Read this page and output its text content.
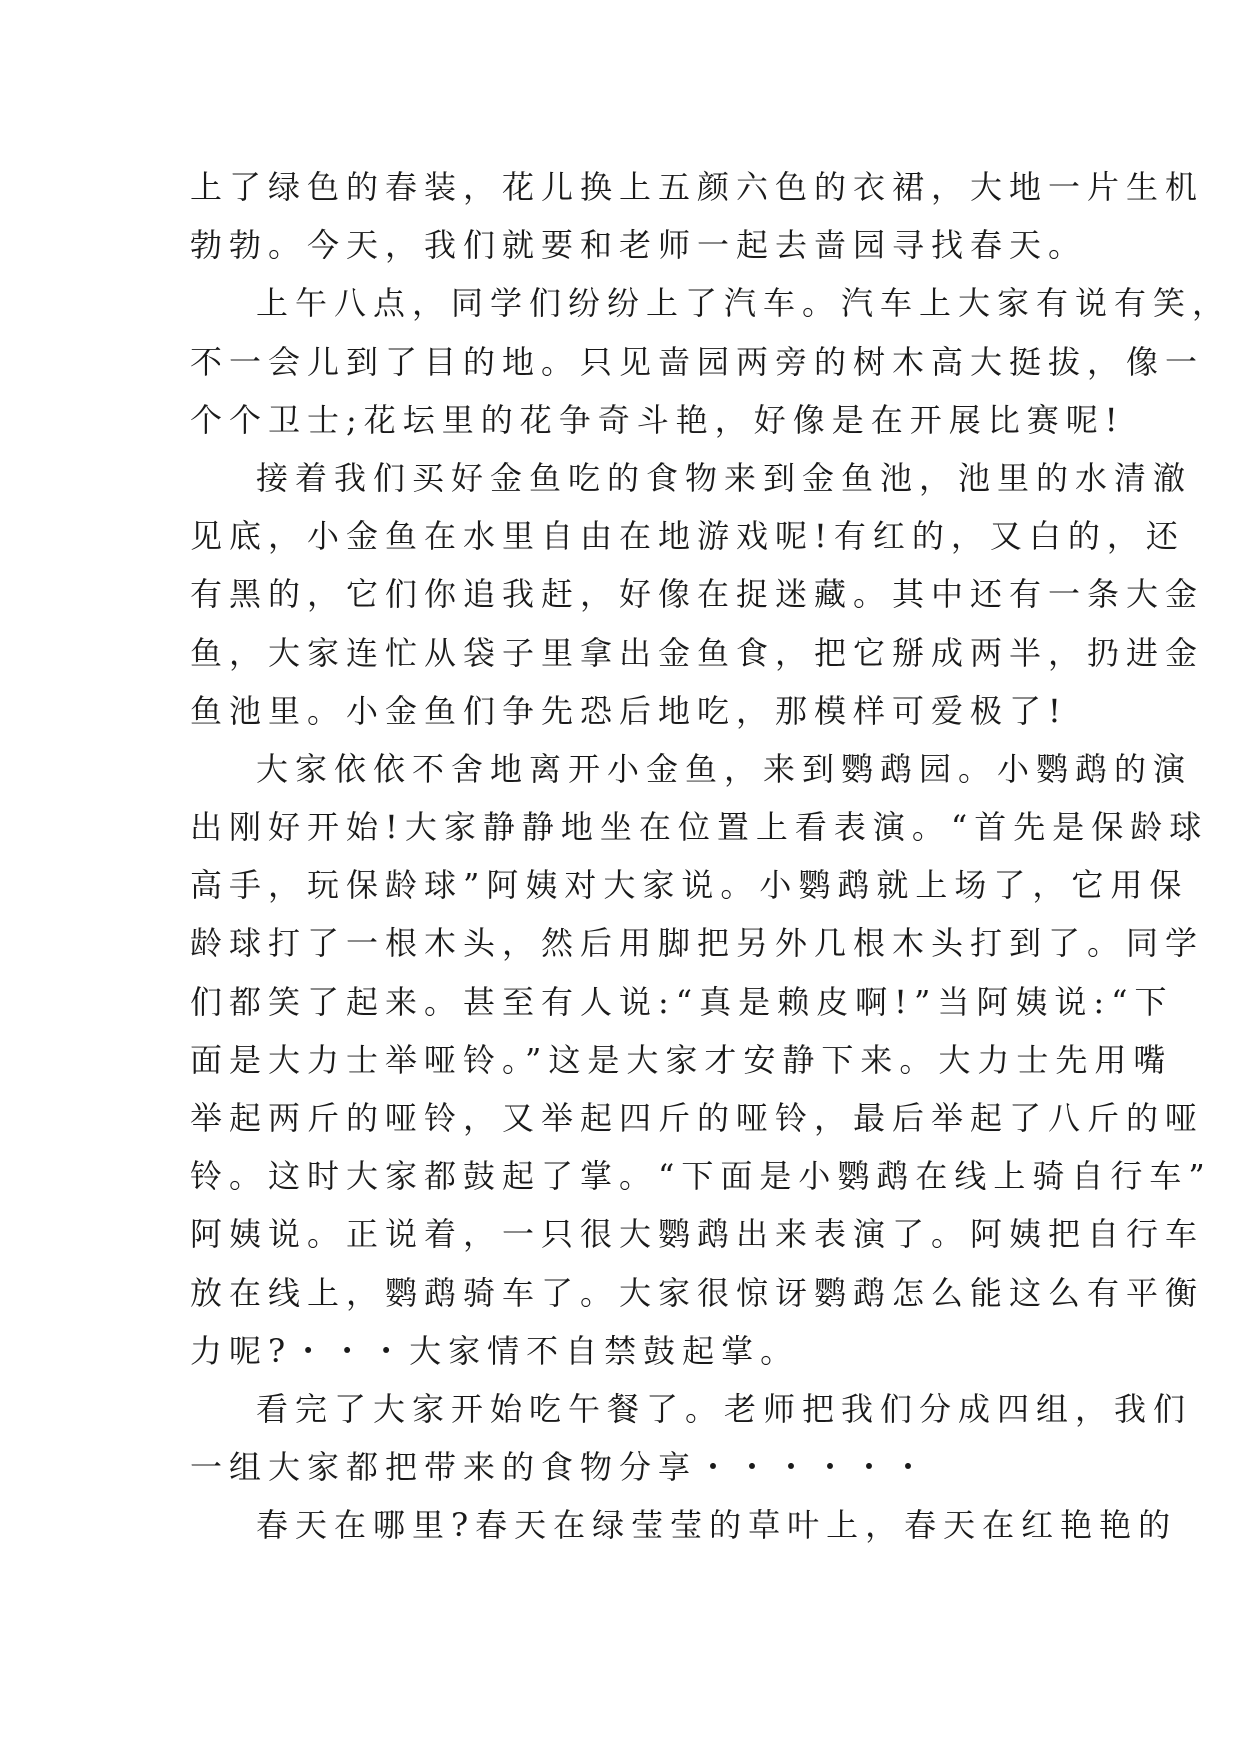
上了绿色的春装，花儿换上五颜六色的衣裙，大地一片生机
勃勃。今天，我们就要和老师一起去啬园寻找春天。
上午八点，同学们纷纷上了汽车。汽车上大家有说有笑，
不一会儿到了目的地。只见啬园两旁的树木高大挺拔，像一
个个卫士;花坛里的花争奇斗艳，好像是在开展比赛呢!
接着我们买好金鱼吃的食物来到金鱼池，池里的水清澈
见底，小金鱼在水里自由在地游戏呢!有红的，又白的，还
有黑的，它们你追我赶，好像在捉迷藏。其中还有一条大金
鱼，大家连忙从袋子里拿出金鱼食，把它掰成两半，扔进金
鱼池里。小金鱼们争先恐后地吃，那模样可爱极了!
大家依依不舍地离开小金鱼，来到鹦鹉园。小鹦鹉的演
出刚好开始!大家静静地坐在位置上看表演。“首先是保龄球
高手，玩保龄球”阿姨对大家说。小鹦鹉就上场了，它用保
龄球打了一根木头，然后用脚把另外几根木头打到了。同学
们都笑了起来。甚至有人说:“真是赖皮啊!”当阿姨说:“下
面是大力士举哑铃。”这是大家才安静下来。大力士先用嘴
举起两斤的哑铃，又举起四斤的哑铃，最后举起了八斤的哑
铃。这时大家都鼓起了掌。“下面是小鹦鹉在线上骑自行车”
阿姨说。正说着，一只很大鹦鹉出来表演了。阿姨把自行车
放在线上，鹦鹉骑车了。大家很惊讶鹦鹉怎么能这么有平衡
力呢?・・・大家情不自禁鼓起掌。
看完了大家开始吃午餐了。老师把我们分成四组，我们
一组大家都把带来的食物分享・・・・・・
春天在哪里?春天在绿莹莹的草叶上，春天在红艳艳的
